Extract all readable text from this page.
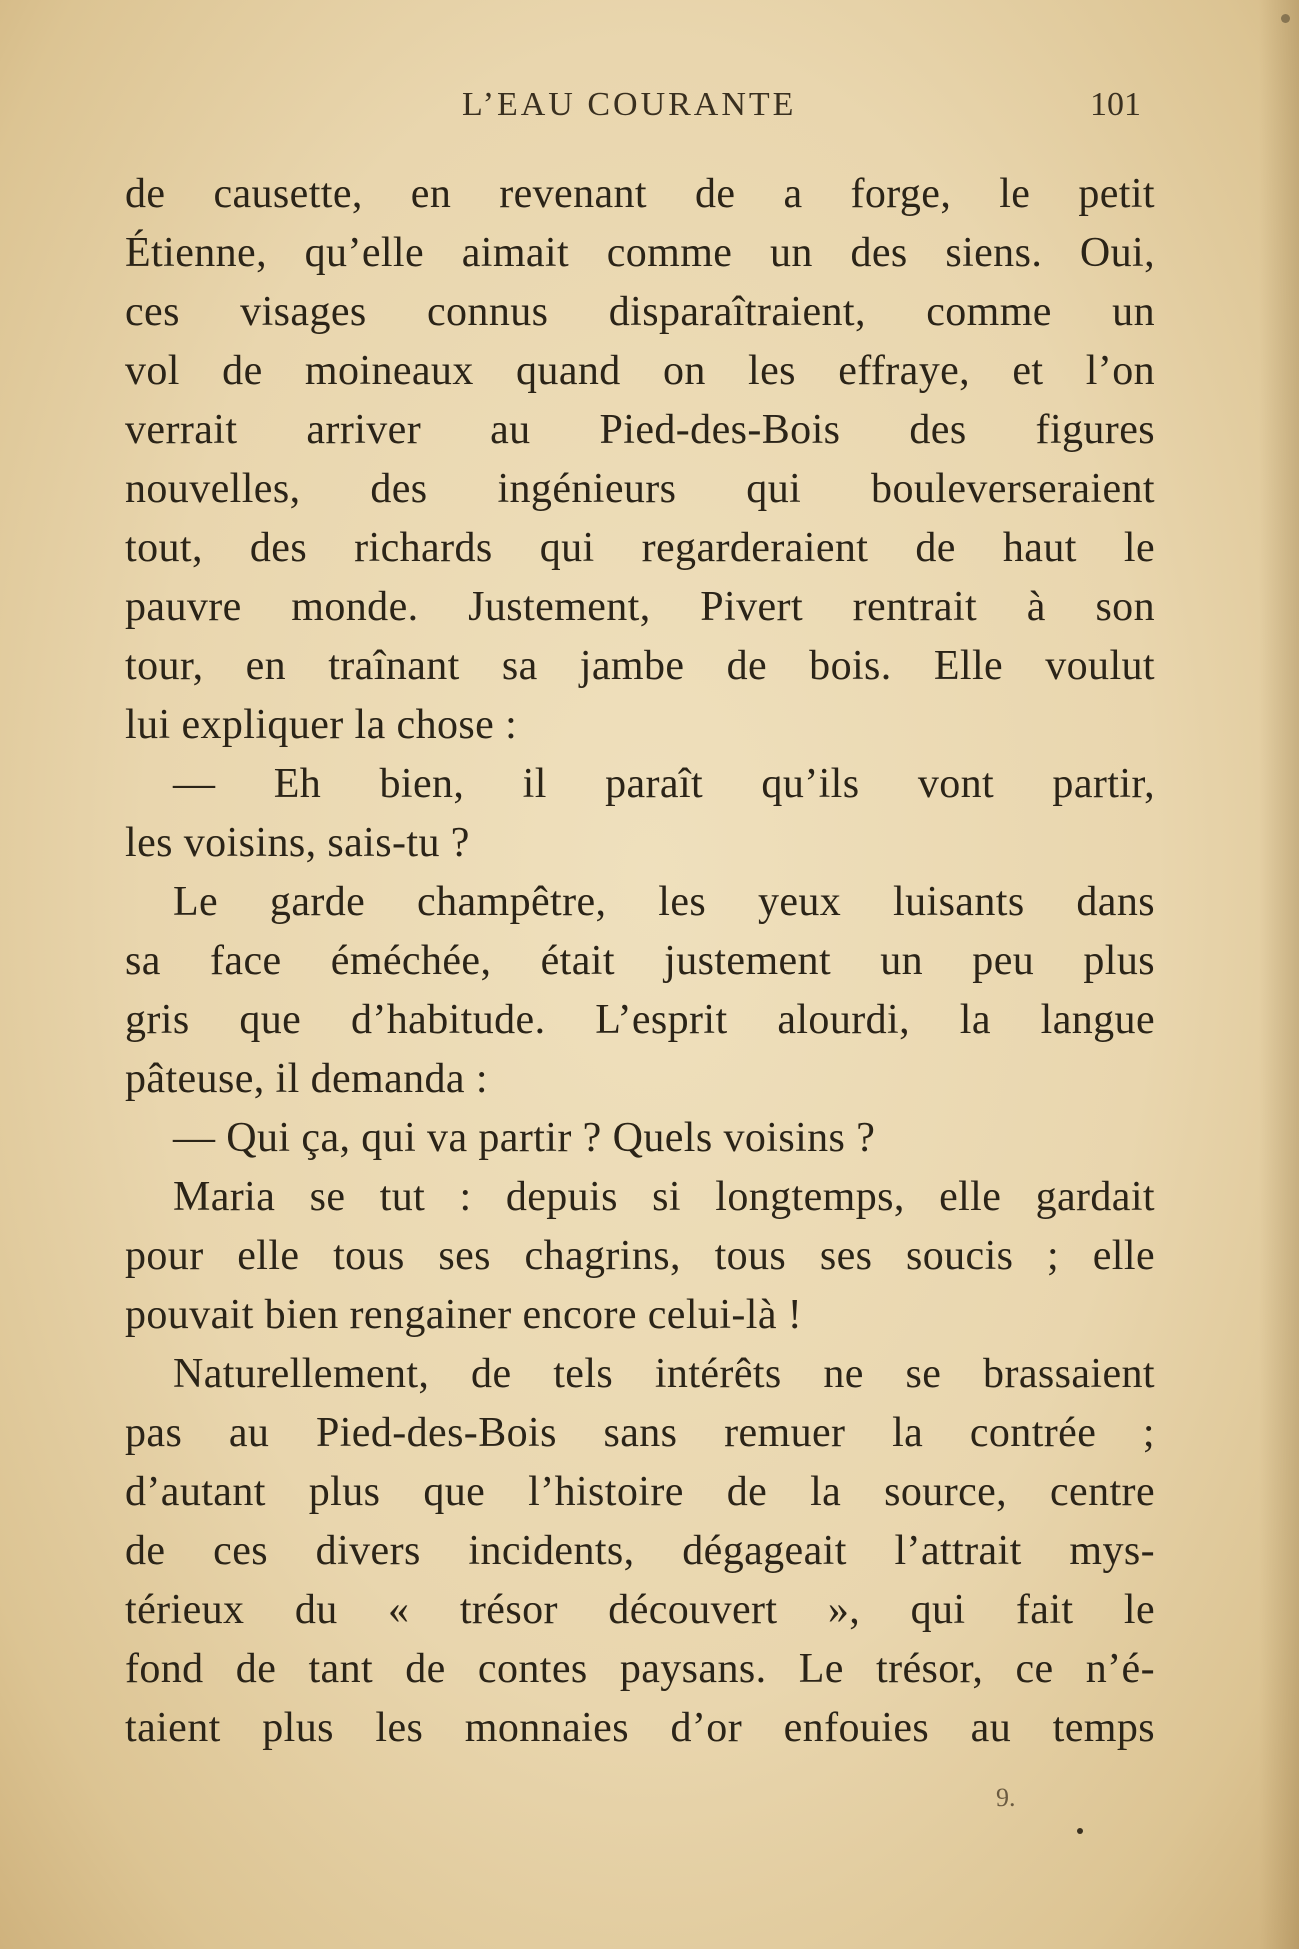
L’EAU COURANTE	101
de causette, en revenant de a forge, le petit
Étienne, qu’elle aimait comme un des siens. Oui,
ces visages connus disparaîtraient, comme un
vol de moineaux quand on les effraye, et l’on
verrait arriver au Pied-des-Bois des figures
nouvelles, des ingénieurs qui bouleverseraient
tout, des richards qui regarderaient de haut le
pauvre monde. Justement, Pivert rentrait à son
tour, en traînant sa jambe de bois. Elle voulut
lui expliquer la chose :
— Eh bien, il paraît qu’ils vont partir,
les voisins, sais-tu ?
Le garde champêtre, les yeux luisants dans
sa face éméchée, était justement un peu plus
gris que d’habitude. L’esprit alourdi, la langue
pâteuse, il demanda :
— Qui ça, qui va partir ? Quels voisins ?
Maria se tut : depuis si longtemps, elle gardait
pour elle tous ses chagrins, tous ses soucis ; elle
pouvait bien rengainer encore celui-là !
Naturellement, de tels intérêts ne se brassaient
pas au Pied-des-Bois sans remuer la contrée ;
d’autant plus que l’histoire de la source, centre
de ces divers incidents, dégageait l’attrait mys-
térieux du « trésor découvert », qui fait le
fond de tant de contes paysans. Le trésor, ce n’é-
taient plus les monnaies d’or enfouies au temps
9.
